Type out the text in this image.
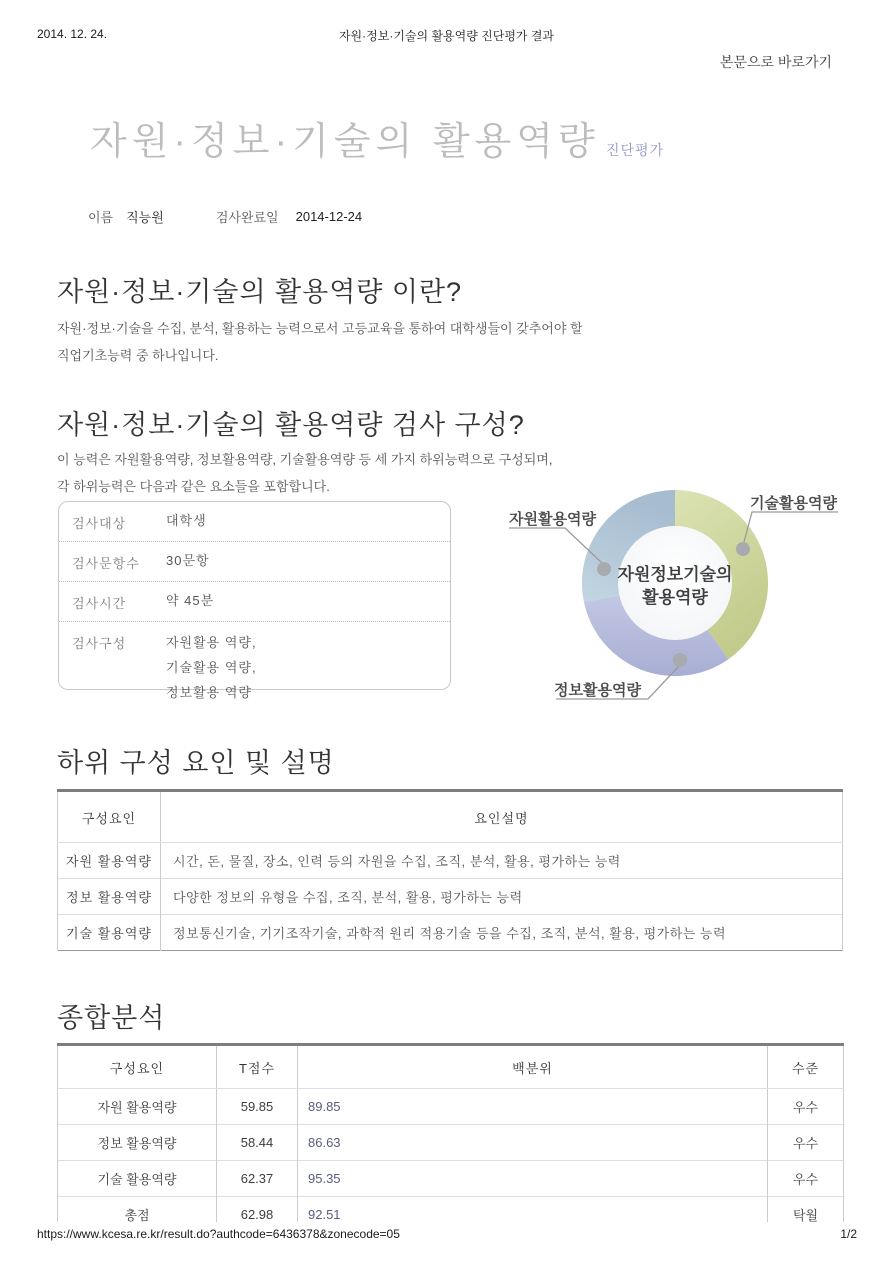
2014. 12. 24.	자원·정보·기술의 활용역량 진단평가 결과
본문으로 바로가기
자원·정보·기술의 활용역량 진단평가
이름 직능원	검사완료일 2014-12-24
자원·정보·기술의 활용역량 이란?
자원·정보·기술을 수집, 분석, 활용하는 능력으로서 고등교육을 통하여 대학생들이 갖추어야 할
직업기초능력 중 하나입니다.
자원·정보·기술의 활용역량 검사 구성?
이 능력은 자원활용역량, 정보활용역량, 기술활용역량 등 세 가지 하위능력으로 구성되며,
각 하위능력은 다음과 같은 요소들을 포함합니다.
검사대상	대학생
검사문항수	30문항
검사시간	약 45분
검사구성	자원활용 역량,
기술활용 역량,
정보활용 역량
자원활용역량
기술활용역량
정보활용역량
자원정보기술의
활용역량
하위 구성 요인 및 설명
구성요인	요인설명
자원 활용역량	시간, 돈, 물질, 장소, 인력 등의 자원을 수집, 조직, 분석, 활용, 평가하는 능력
정보 활용역량	다양한 정보의 유형을 수집, 조직, 분석, 활용, 평가하는 능력
기술 활용역량	정보통신기술, 기기조작기술, 과학적 원리 적용기술 등을 수집, 조직, 분석, 활용, 평가하는 능력
종합분석
구성요인	T점수	백분위	수준
자원 활용역량	59.85	89.85	우수
정보 활용역량	58.44	86.63	우수
기술 활용역량	62.37	95.35	우수
총점	62.98	92.51	탁월
https://www.kcesa.re.kr/result.do?authcode=6436378&zonecode=05	1/2
